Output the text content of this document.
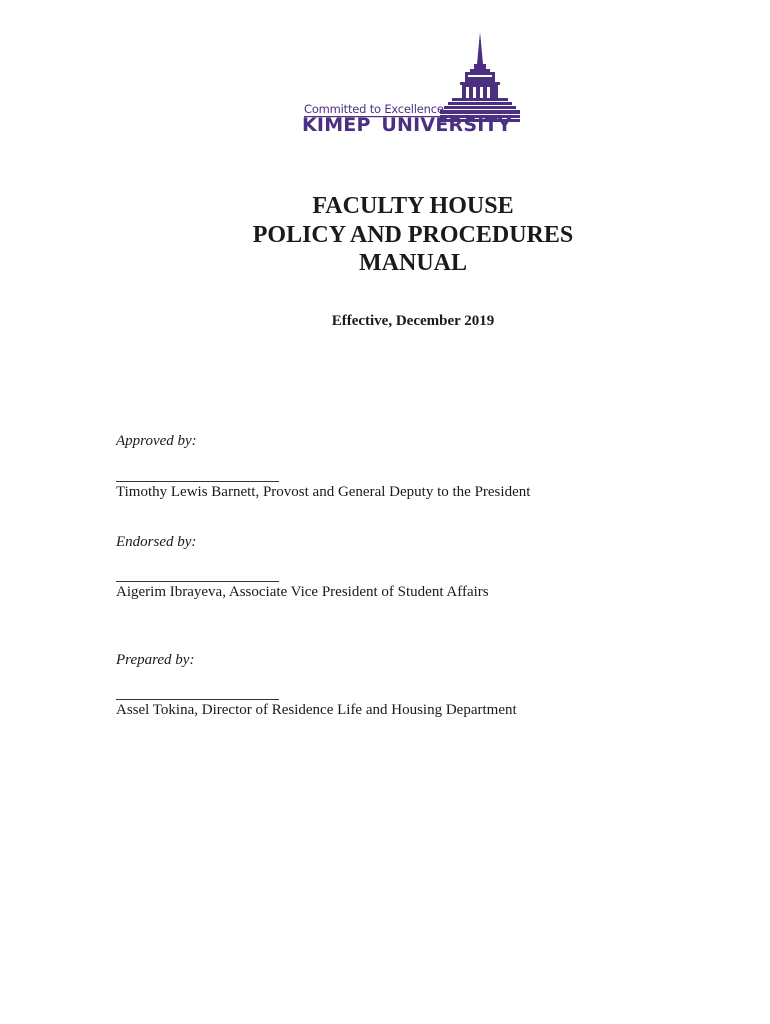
Committed to Excellence
KIMEP UNIVERSITY
FACULTY HOUSE
POLICY AND PROCEDURES
MANUAL
Effective, December 2019
Approved by:
Timothy Lewis Barnett, Provost and General Deputy to the President
Endorsed by:
Aigerim Ibrayeva, Associate Vice President of Student Affairs
Prepared by:
Assel Tokina, Director of Residence Life and Housing Department
